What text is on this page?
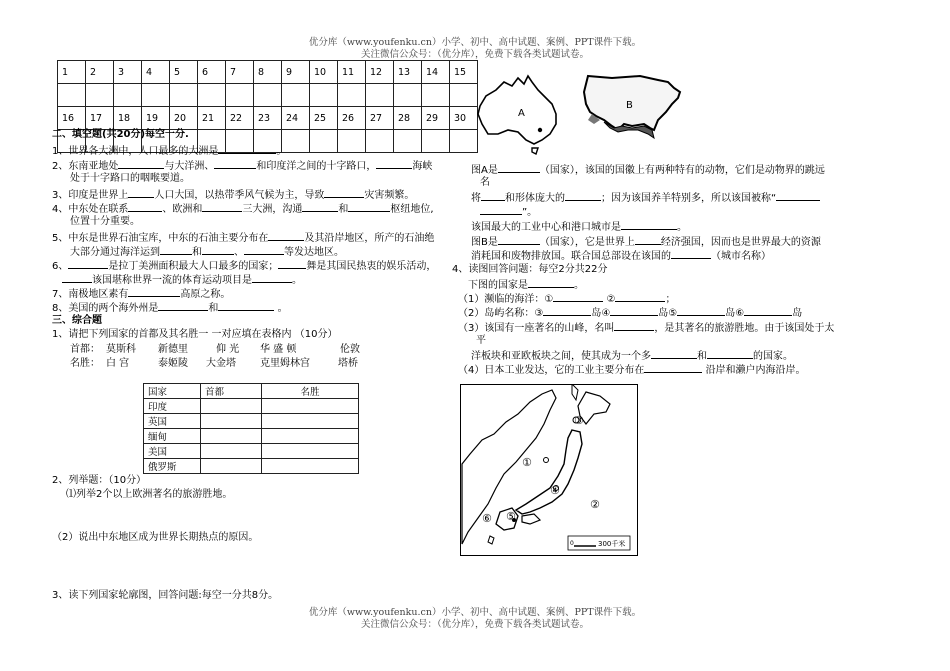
优分库（www.youfenku.cn）小学、初中、高中试题、案例、PPT课件下载。
关注微信公众号：（优分库），免费下载各类试题试卷。
1	2	3	4	5	6	7	8	9	10	11	12	13	14	15

16	17	18	19	20	21	22	23	24	25	26	27	28	29	30

二、填空题(共20分)每空一分.
1、世界各大洲中，人口最多的大洲是	。
2、东南亚地处	与大洋洲、	和印度洋之间的十字路口，	海峡
处于十字路口的咽喉要道。
3、印度是世界上	人口大国，以热带季风气候为主，导致	灾害频繁。
4、中东处在联系	、欧洲和	三大洲，沟通	和	枢纽地位,
位置十分重要。
5、中东是世界石油宝库，中东的石油主要分布在	及其沿岸地区，所产的石油绝
大部分通过海洋运到	和	、	等发达地区。
6、	是拉丁美洲面积最大人口最多的国家；	舞是其国民热衷的娱乐活动，
该国堪称世界一流的体育运动项目是	。
7、南极地区素有	高原之称。
8、美国的两个海外州是	和	。
三、综合题
1、请把下列国家的首都及其名胜一 一对应填在表格内 （10分）
首都： 莫斯科 新德里	仰 光 华 盛 顿	伦敦
名胜： 白 宫	泰姬陵 大金塔 克里姆林宫	塔桥
国家	首都	名胜
印度		
英国		
缅甸		
美国		
俄罗斯		
2、列举题：（10分）
⑴列举2个以上欧洲著名的旅游胜地。
（2）说出中东地区成为世界长期热点的原因。
3、读下列国家轮廓图，回答问题:每空一分共8分。
A
B
图A是	（国家），该国的国徽上有两种特有的动物，它们是动物界的跳远
名
将 和形体庞大的	；因为该国养羊特别多，所以该国被称“
”。
该国最大的工业中心和港口城市是	。
图B是	（国家），它是世界上	经济强国，因而也是世界最大的资源
消耗国和废物排放国。联合国总部设在该国的	（城市名称）
4、读图回答问题：每空2分共22分
下图的国家是	。
（1）濒临的海洋：①	②	；
（2）岛屿名称：③	岛④	岛⑤	岛⑥	岛
（3）该国有一座著名的山峰，名叫	，是其著名的旅游胜地。由于该国处于太
平
洋板块和亚欧板块之间，使其成为一个多	和	的国家。
（4）日本工业发达，它的工业主要分布在	沿岸和濑户内海沿岸。
①
②
③
④
⑤
⑥
0	300千米
优分库（www.youfenku.cn）小学、初中、高中试题、案例、PPT课件下载。
关注微信公众号：（优分库），免费下载各类试题试卷。
